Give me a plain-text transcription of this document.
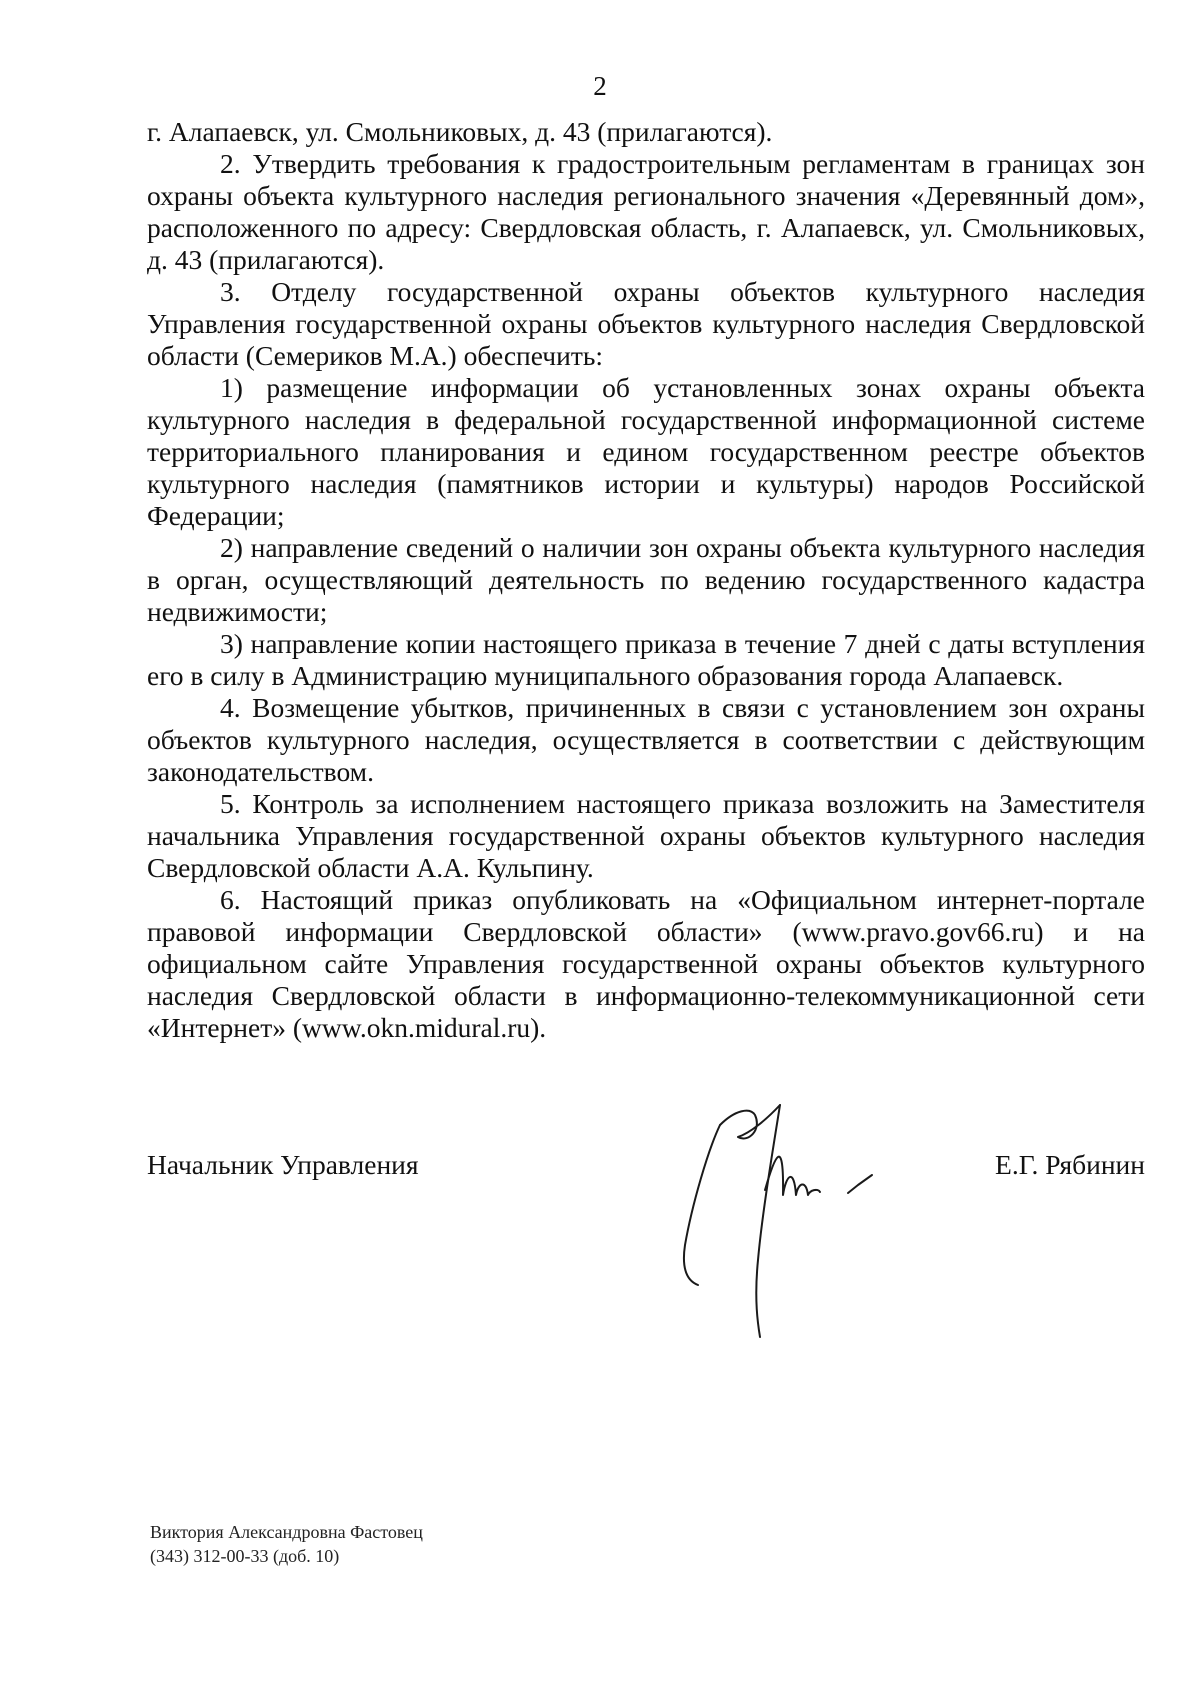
2

г. Алапаевск, ул. Смольниковых, д. 43 (прилагаются).

2. Утвердить требования к градостроительным регламентам в границах зон охраны объекта культурного наследия регионального значения «Деревянный дом», расположенного по адресу: Свердловская область, г. Алапаевск, ул. Смольниковых, д. 43 (прилагаются).

3. Отделу государственной охраны объектов культурного наследия Управления государственной охраны объектов культурного наследия Свердловской области (Семериков М.А.) обеспечить:

1) размещение информации об установленных зонах охраны объекта культурного наследия в федеральной государственной информационной системе территориального планирования и едином государственном реестре объектов культурного наследия (памятников истории и культуры) народов Российской Федерации;

2) направление сведений о наличии зон охраны объекта культурного наследия в орган, осуществляющий деятельность по ведению государственного кадастра недвижимости;

3) направление копии настоящего приказа в течение 7 дней с даты вступления его в силу в Администрацию муниципального образования города Алапаевск.

4. Возмещение убытков, причиненных в связи с установлением зон охраны объектов культурного наследия, осуществляется в соответствии с действующим законодательством.

5. Контроль за исполнением настоящего приказа возложить на Заместителя начальника Управления государственной охраны объектов культурного наследия Свердловской области А.А. Кульпину.

6. Настоящий приказ опубликовать на «Официальном интернет-портале правовой информации Свердловской области» (www.pravo.gov66.ru) и на официальном сайте Управления государственной охраны объектов культурного наследия Свердловской области в информационно-телекоммуникационной сети «Интернет» (www.okn.midural.ru).

Начальник Управления	Е.Г. Рябинин
Виктория Александровна Фастовец
(343) 312-00-33 (доб. 10)
